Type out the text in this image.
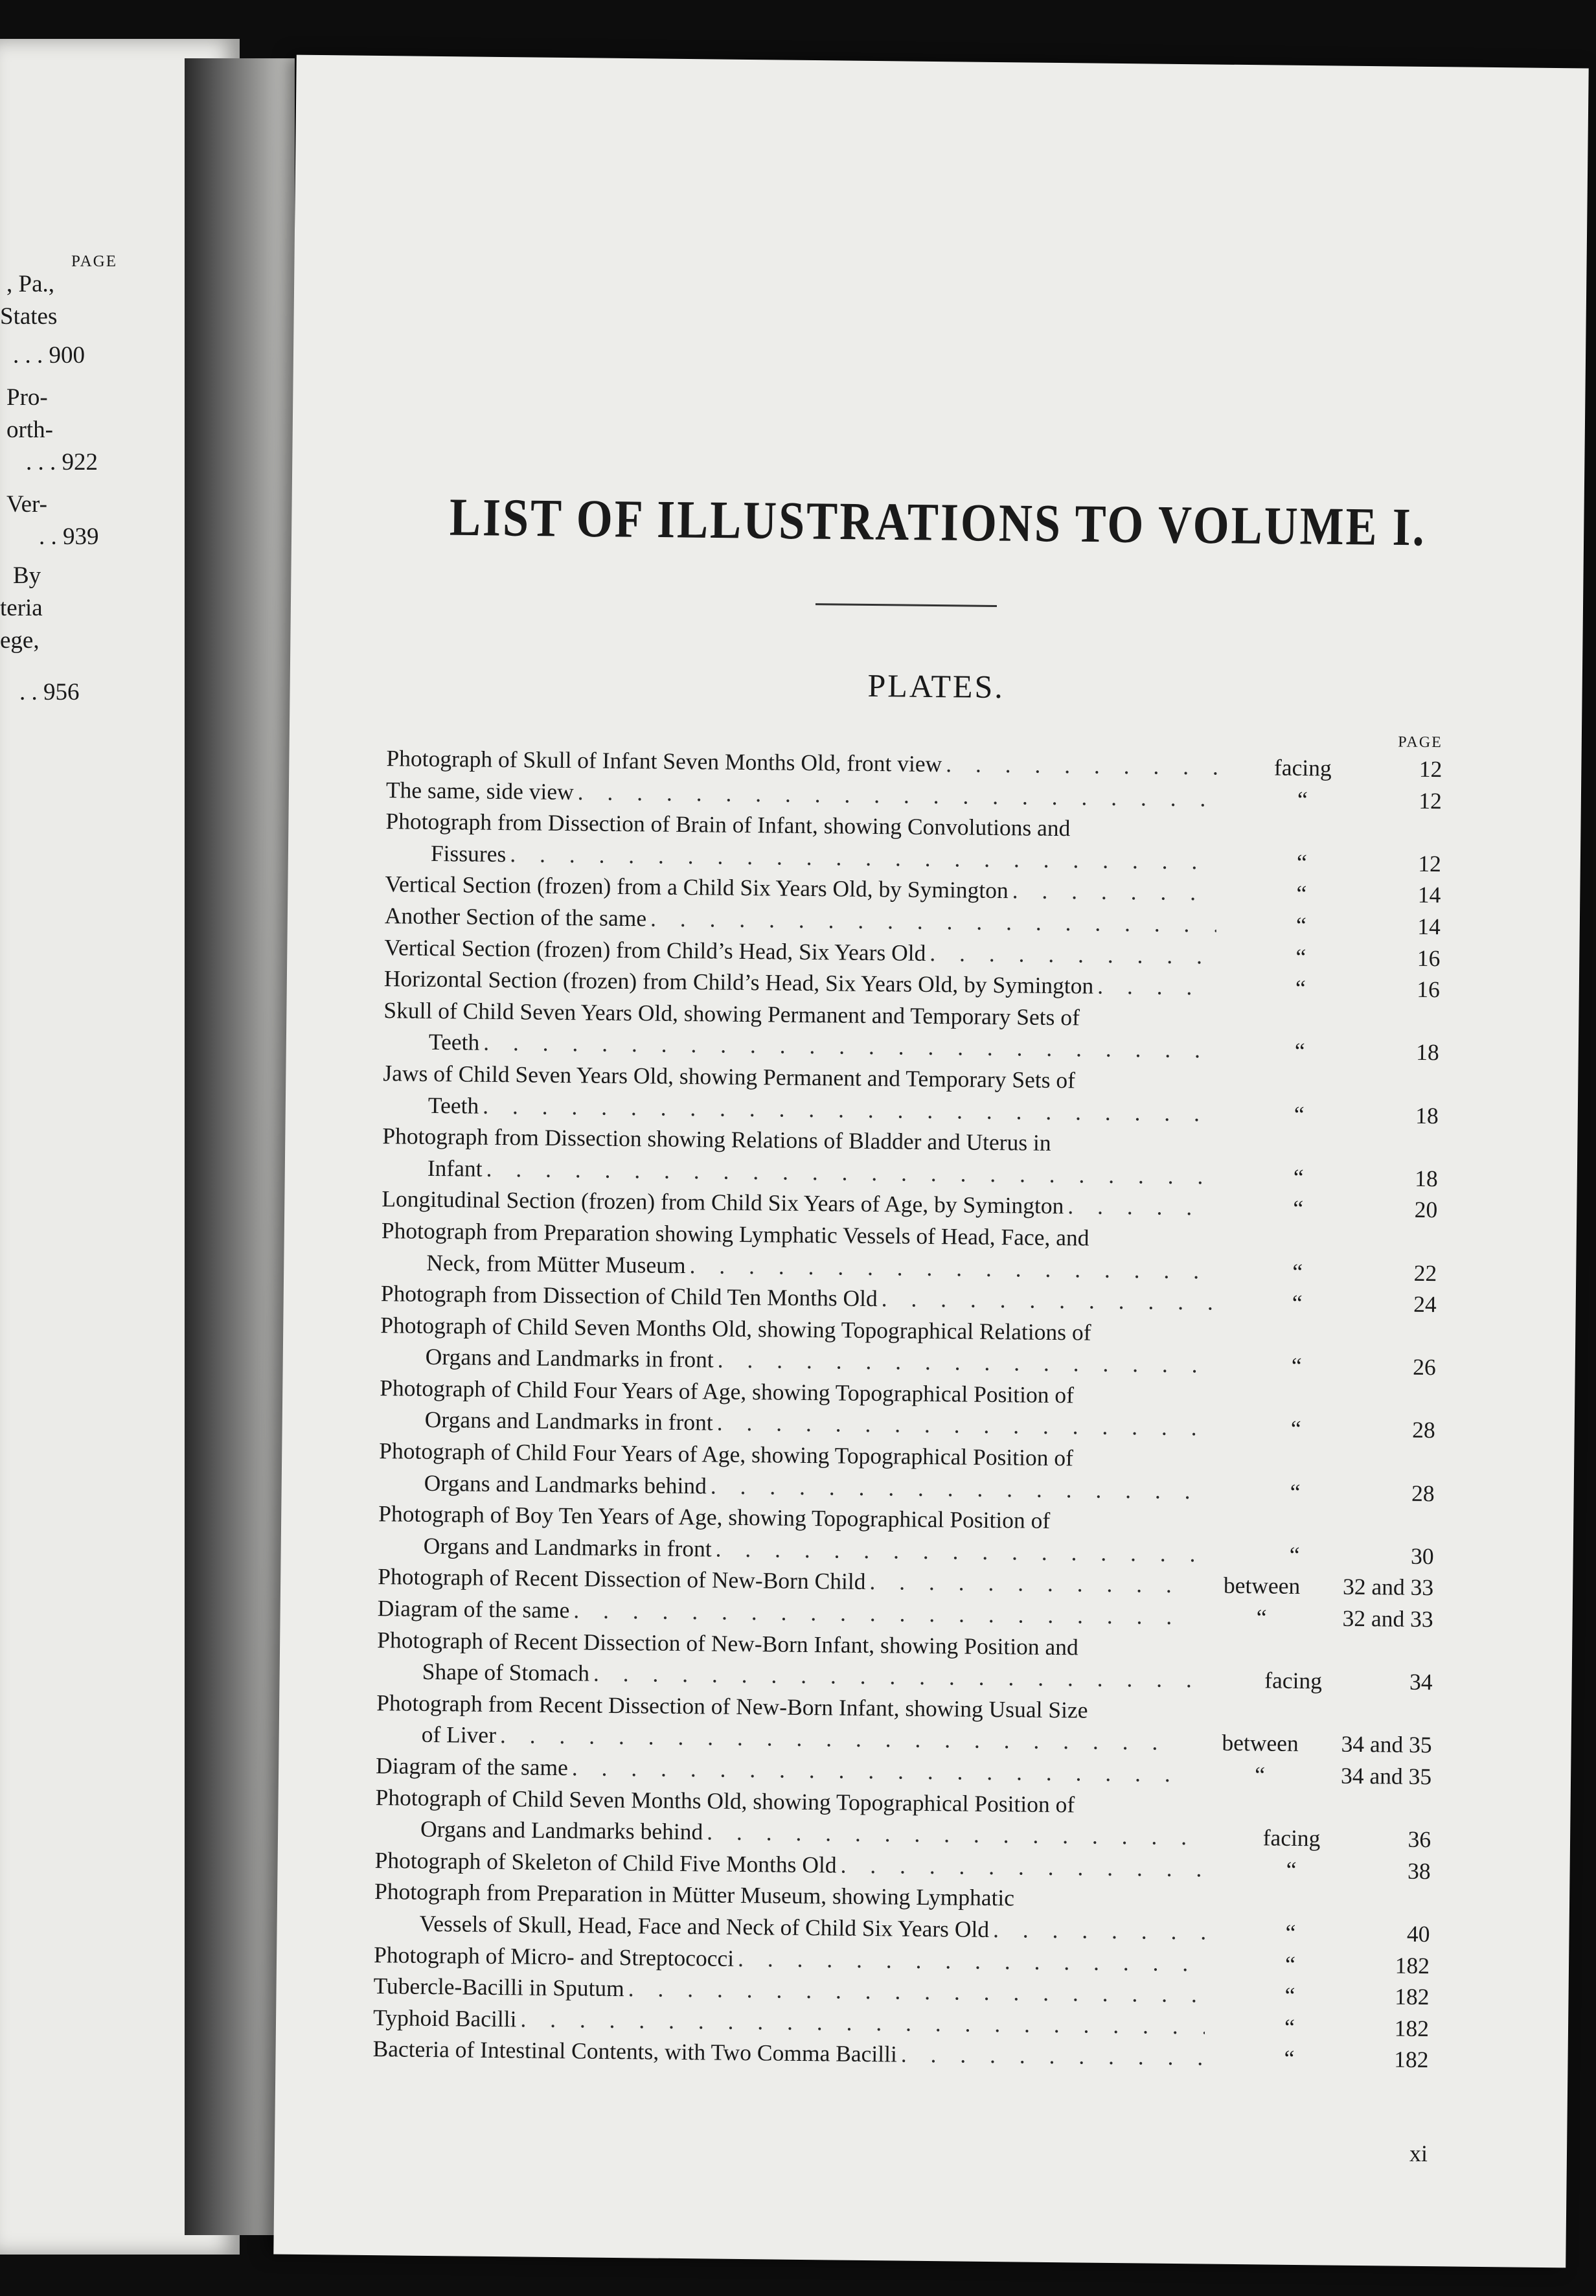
PAGE
, Pa.,
States
. . . 900
Pro-
orth-
. . . 922
Ver-
. . 939
By
teria
ege,
. . 956
LIST OF ILLUSTRATIONS TO VOLUME I.
PLATES.
PAGE
Photograph of Skull of Infant Seven Months Old, front view . . .	facing	12
The same, side view . . .	“	12
Photograph from Dissection of Brain of Infant, showing Convolutions and
Fissures . . .	“	12
Vertical Section (frozen) from a Child Six Years Old, by Symington . . .	“	14
Another Section of the same . . .	“	14
Vertical Section (frozen) from Child’s Head, Six Years Old . . .	“	16
Horizontal Section (frozen) from Child’s Head, Six Years Old, by Symington . . .	“	16
Skull of Child Seven Years Old, showing Permanent and Temporary Sets of
Teeth . . .	“	18
Jaws of Child Seven Years Old, showing Permanent and Temporary Sets of
Teeth . . .	“	18
Photograph from Dissection showing Relations of Bladder and Uterus in
Infant . . .	“	18
Longitudinal Section (frozen) from Child Six Years of Age, by Symington . . .	“	20
Photograph from Preparation showing Lymphatic Vessels of Head, Face, and
Neck, from Mütter Museum . . .	“	22
Photograph from Dissection of Child Ten Months Old . . .	“	24
Photograph of Child Seven Months Old, showing Topographical Relations of
Organs and Landmarks in front . . .	“	26
Photograph of Child Four Years of Age, showing Topographical Position of
Organs and Landmarks in front . . .	“	28
Photograph of Child Four Years of Age, showing Topographical Position of
Organs and Landmarks behind . . .	“	28
Photograph of Boy Ten Years of Age, showing Topographical Position of
Organs and Landmarks in front . . .	“	30
Photograph of Recent Dissection of New-Born Child . . .	between	32 and 33
Diagram of the same . . .	“	32 and 33
Photograph of Recent Dissection of New-Born Infant, showing Position and
Shape of Stomach . . .	facing	34
Photograph from Recent Dissection of New-Born Infant, showing Usual Size
of Liver . . .	between	34 and 35
Diagram of the same . . .	“	34 and 35
Photograph of Child Seven Months Old, showing Topographical Position of
Organs and Landmarks behind . . .	facing	36
Photograph of Skeleton of Child Five Months Old . . .	“	38
Photograph from Preparation in Mütter Museum, showing Lymphatic
Vessels of Skull, Head, Face and Neck of Child Six Years Old . . .	“	40
Photograph of Micro- and Streptococci . . .	“	182
Tubercle-Bacilli in Sputum . . .	“	182
Typhoid Bacilli . . .	“	182
Bacteria of Intestinal Contents, with Two Comma Bacilli . . .	“	182
xi
